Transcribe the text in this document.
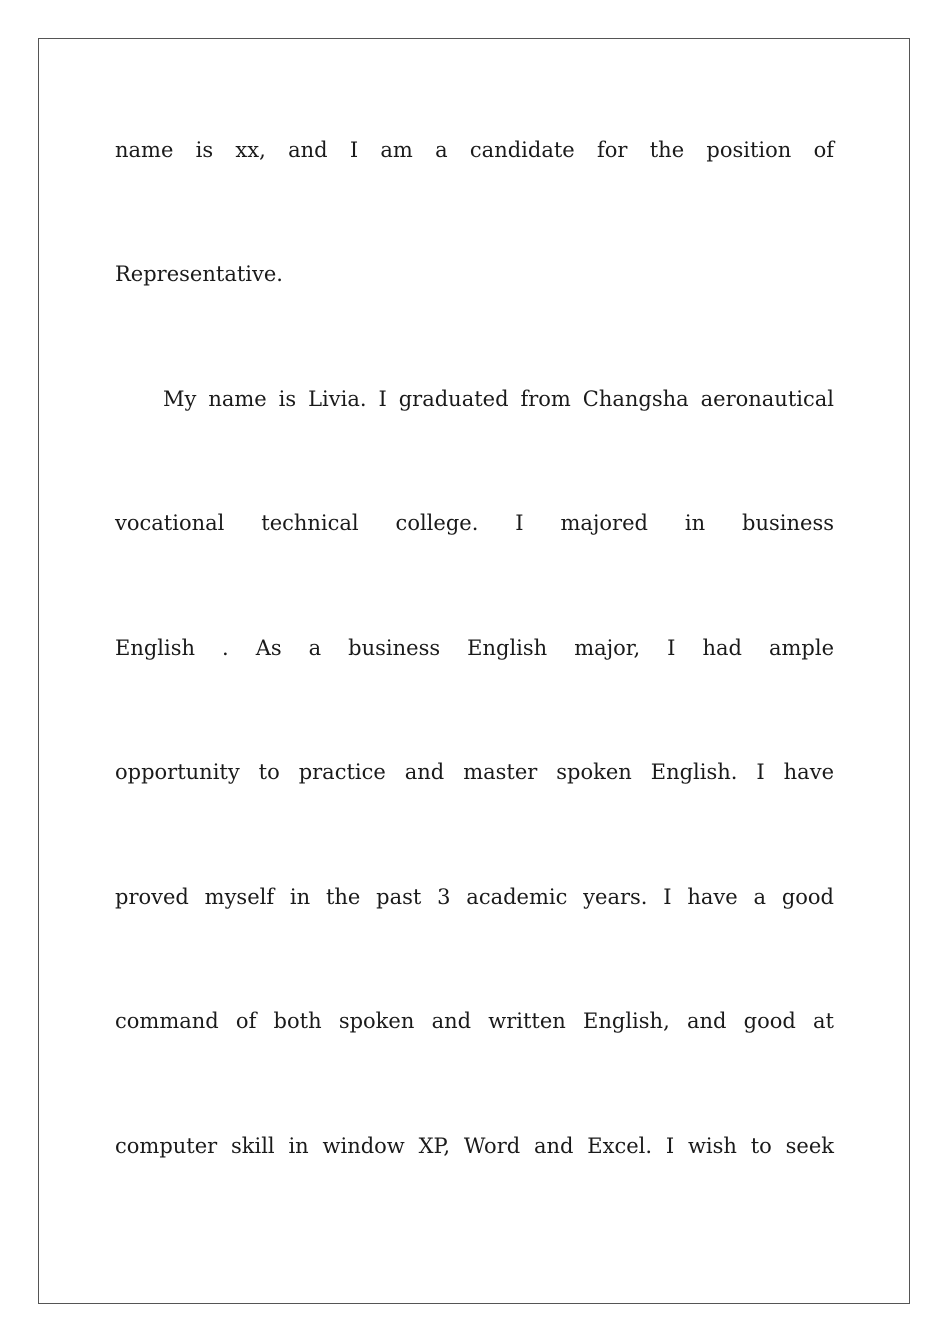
name is xx, and I am a candidate for the position of
Representative.
My name is Livia. I graduated from Changsha aeronautical
vocational technical college. I majored in business
English . As a business English major, I had ample
opportunity to practice and master spoken English. I have
proved myself in the past 3 academic years. I have a good
command of both spoken and written English, and good at
computer skill in window XP, Word and Excel. I wish to seek
